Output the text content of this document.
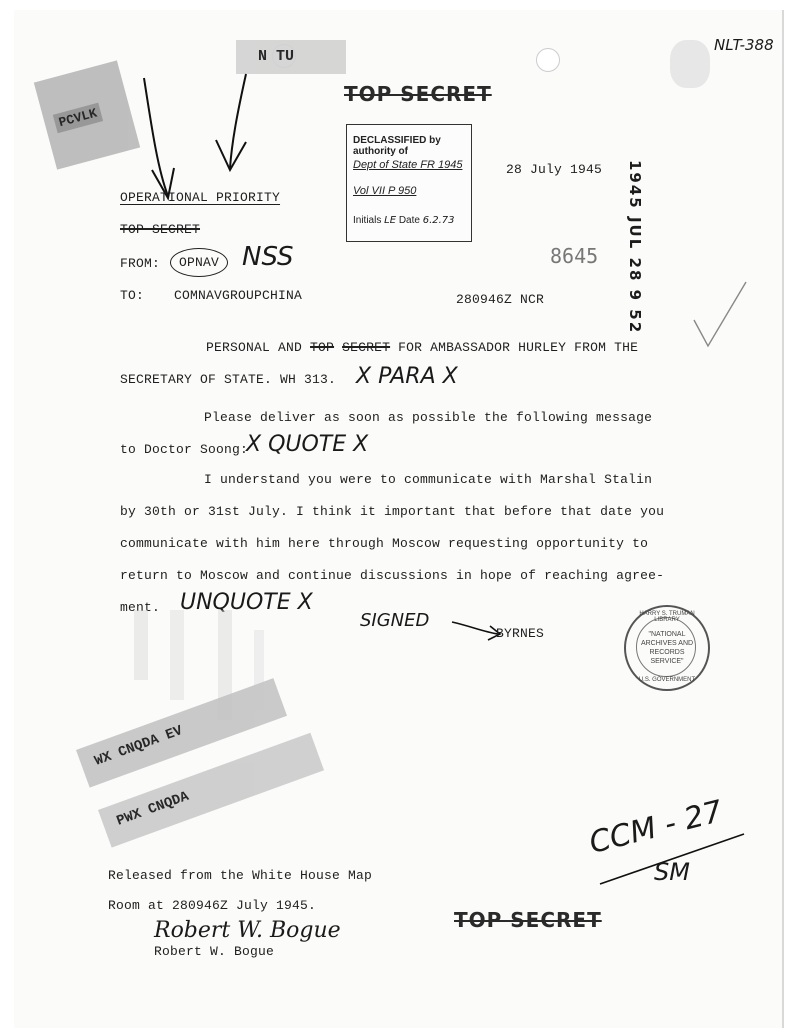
NLT-388
N TU
PCVLK
TOP SECRET
DECLASSIFIED by authority of
Dept of State FR 1945
Vol VII P 950
Initials LE Date 6.2.73
28 July 1945 1945 JUL 28 9 52
8645
OPERATIONAL PRIORITY
TOP SECRET
FROM:	OPNAV NSS
TO: COMNAVGROUPCHINA	280946Z NCR
PERSONAL AND TOP SECRET FOR AMBASSADOR HURLEY FROM THE
SECRETARY OF STATE. WH 313. X PARA X
Please deliver as soon as possible the following message
to Doctor Soong:
X QUOTE X
I understand you were to communicate with Marshal Stalin
by 30th or 31st July. I think it important that before that date you
communicate with him here through Moscow requesting opportunity to
return to Moscow and continue discussions in hope of reaching agree-
ment. UNQUOTE X
SIGNED
BYRNES
HARRY S. TRUMAN LIBRARY
"NATIONAL
ARCHIVES AND
RECORDS
SERVICE"
U.S. GOVERNMENT
WX CNQDA EV
PWX CNQDA	CCM - 27
SM
Released from the White House Map
Room at 280946Z July 1945.
Robert W. Bogue
Robert W. Bogue
TOP SECRET
